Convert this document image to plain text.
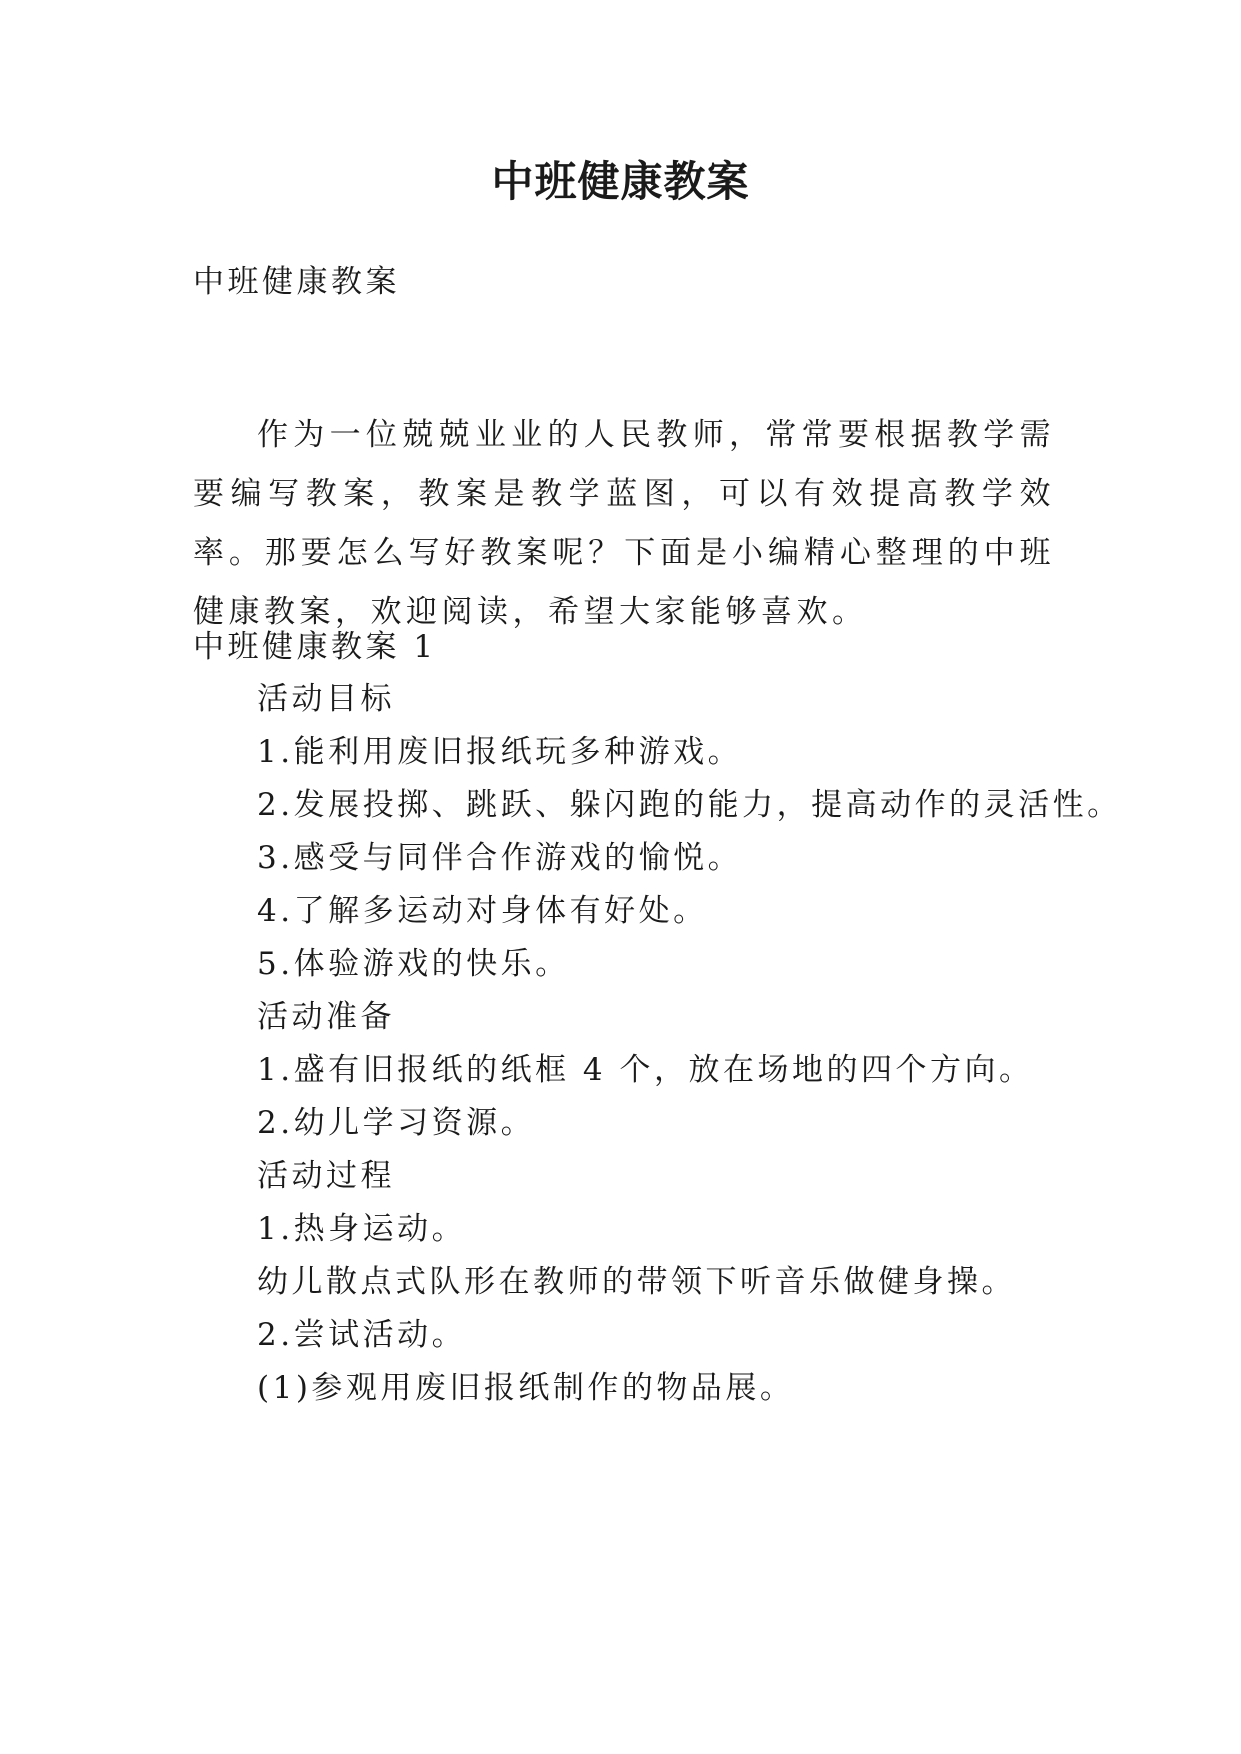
中班健康教案
中班健康教案
作为一位兢兢业业的人民教师，常常要根据教学需要编写教案，教案是教学蓝图，可以有效提高教学效率。那要怎么写好教案呢？下面是小编精心整理的中班健康教案，欢迎阅读，希望大家能够喜欢。
中班健康教案 1
活动目标
1.能利用废旧报纸玩多种游戏。
2.发展投掷、跳跃、躲闪跑的能力，提高动作的灵活性。
3.感受与同伴合作游戏的愉悦。
4.了解多运动对身体有好处。
5.体验游戏的快乐。
活动准备
1.盛有旧报纸的纸框 4 个，放在场地的四个方向。
2.幼儿学习资源。
活动过程
1.热身运动。
幼儿散点式队形在教师的带领下听音乐做健身操。
2.尝试活动。
(1)参观用废旧报纸制作的物品展。
